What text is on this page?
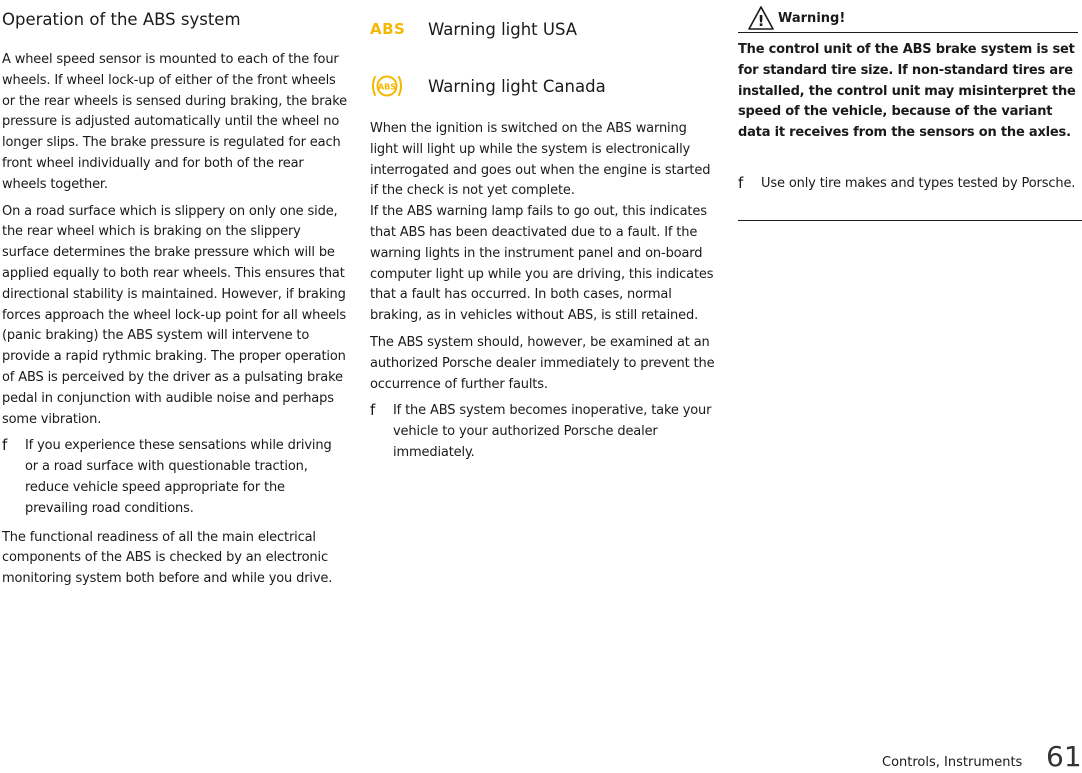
Operation of the ABS system

A wheel speed sensor is mounted to each of the four wheels. If wheel lock-up of either of the front wheels or the rear wheels is sensed during braking, the brake pressure is adjusted automatically until the wheel no longer slips. The brake pressure is regulated for each front wheel individually and for both of the rear wheels together.

On a road surface which is slippery on only one side, the rear wheel which is braking on the slippery surface determines the brake pressure which will be applied equally to both rear wheels. This ensures that directional stability is maintained. However, if braking forces approach the wheel lock-up point for all wheels (panic braking) the ABS system will intervene to provide a rapid rythmic braking. The proper operation of ABS is perceived by the driver as a pulsating brake pedal in conjunction with audible noise and perhaps some vibration.

f If you experience these sensations while driving or a road surface with questionable traction, reduce vehicle speed appropriate for the prevailing road conditions.

The functional readiness of all the main electrical components of the ABS is checked by an electronic monitoring system both before and while you drive.

ABS Warning light USA
ABS Warning light Canada

When the ignition is switched on the ABS warning light will light up while the system is electronically interrogated and goes out when the engine is started if the check is not yet complete.

If the ABS warning lamp fails to go out, this indicates that ABS has been deactivated due to a fault. If the warning lights in the instrument panel and on-board computer light up while you are driving, this indicates that a fault has occurred. In both cases, normal braking, as in vehicles without ABS, is still retained.

The ABS system should, however, be examined at an authorized Porsche dealer immediately to prevent the occurrence of further faults.

f If the ABS system becomes inoperative, take your vehicle to your authorized Porsche dealer immediately.
! Warning!

The control unit of the ABS brake system is set for standard tire size. If non-standard tires are installed, the control unit may misinterpret the speed of the vehicle, because of the variant data it receives from the sensors on the axles.

f Use only tire makes and types tested by Porsche.
Controls, Instruments 61
